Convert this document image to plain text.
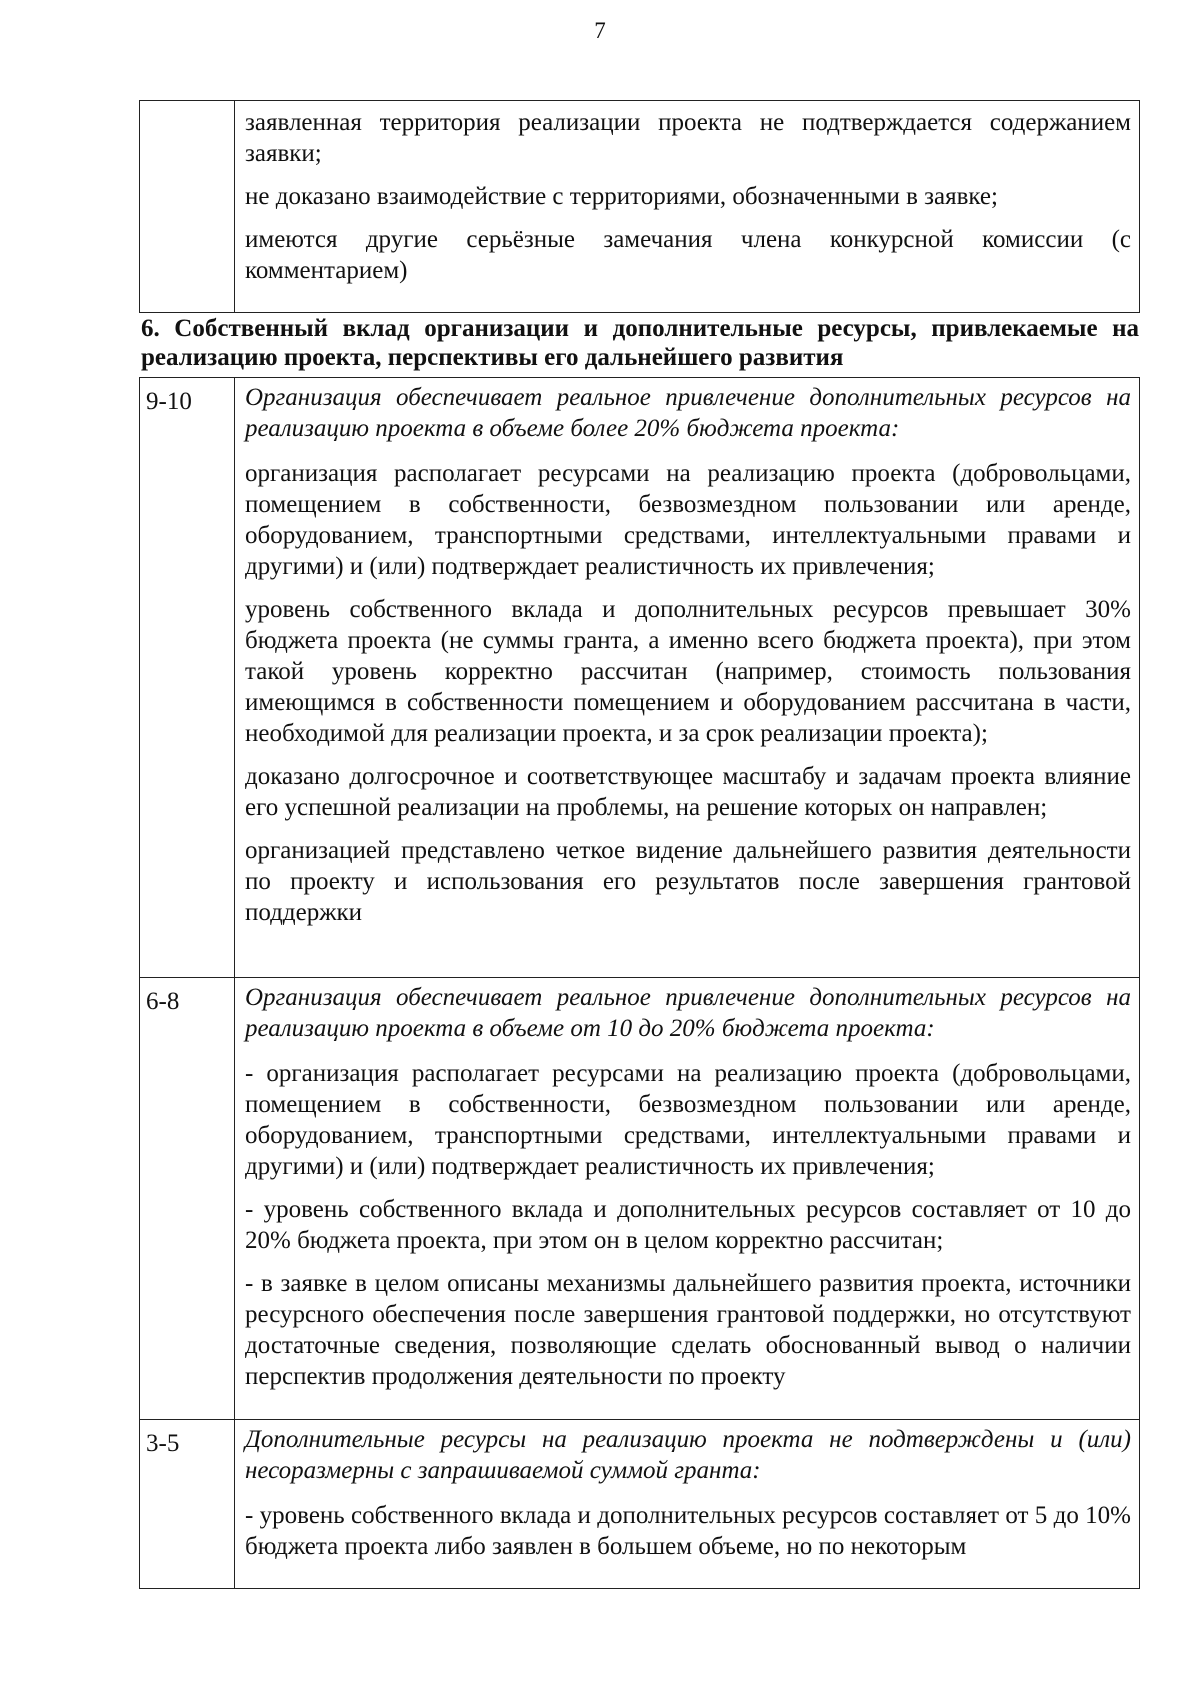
7

заявленная территория реализации проекта не подтверждается содержанием заявки;

не доказано взаимодействие с территориями, обозначенными в заявке;

имеются другие серьёзные замечания члена конкурсной комиссии (с комментарием)

6. Собственный вклад организации и дополнительные ресурсы, привлекаемые на реализацию проекта, перспективы его дальнейшего развития
9-10	Организация обеспечивает реальное привлечение дополнительных ресурсов на реализацию проекта в объеме более 20% бюджета проекта:

организация располагает ресурсами на реализацию проекта (добровольцами, помещением в собственности, безвозмездном пользовании или аренде, оборудованием, транспортными средствами, интеллектуальными правами и другими) и (или) подтверждает реалистичность их привлечения;

уровень собственного вклада и дополнительных ресурсов превышает 30% бюджета проекта (не суммы гранта, а именно всего бюджета проекта), при этом такой уровень корректно рассчитан (например, стоимость пользования имеющимся в собственности помещением и оборудованием рассчитана в части, необходимой для реализации проекта, и за срок реализации проекта);

доказано долгосрочное и соответствующее масштабу и задачам проекта влияние его успешной реализации на проблемы, на решение которых он направлен;

организацией представлено четкое видение дальнейшего развития деятельности по проекту и использования его результатов после завершения грантовой поддержки

6-8	Организация обеспечивает реальное привлечение дополнительных ресурсов на реализацию проекта в объеме от 10 до 20% бюджета проекта:

- организация располагает ресурсами на реализацию проекта (добровольцами, помещением в собственности, безвозмездном пользовании или аренде, оборудованием, транспортными средствами, интеллектуальными правами и другими) и (или) подтверждает реалистичность их привлечения;

- уровень собственного вклада и дополнительных ресурсов составляет от 10 до 20% бюджета проекта, при этом он в целом корректно рассчитан;

- в заявке в целом описаны механизмы дальнейшего развития проекта, источники ресурсного обеспечения после завершения грантовой поддержки, но отсутствуют достаточные сведения, позволяющие сделать обоснованный вывод о наличии перспектив продолжения деятельности по проекту

3-5	Дополнительные ресурсы на реализацию проекта не подтверждены и (или) несоразмерны с запрашиваемой суммой гранта:

- уровень собственного вклада и дополнительных ресурсов составляет от 5 до 10% бюджета проекта либо заявлен в большем объеме, но по некоторым
